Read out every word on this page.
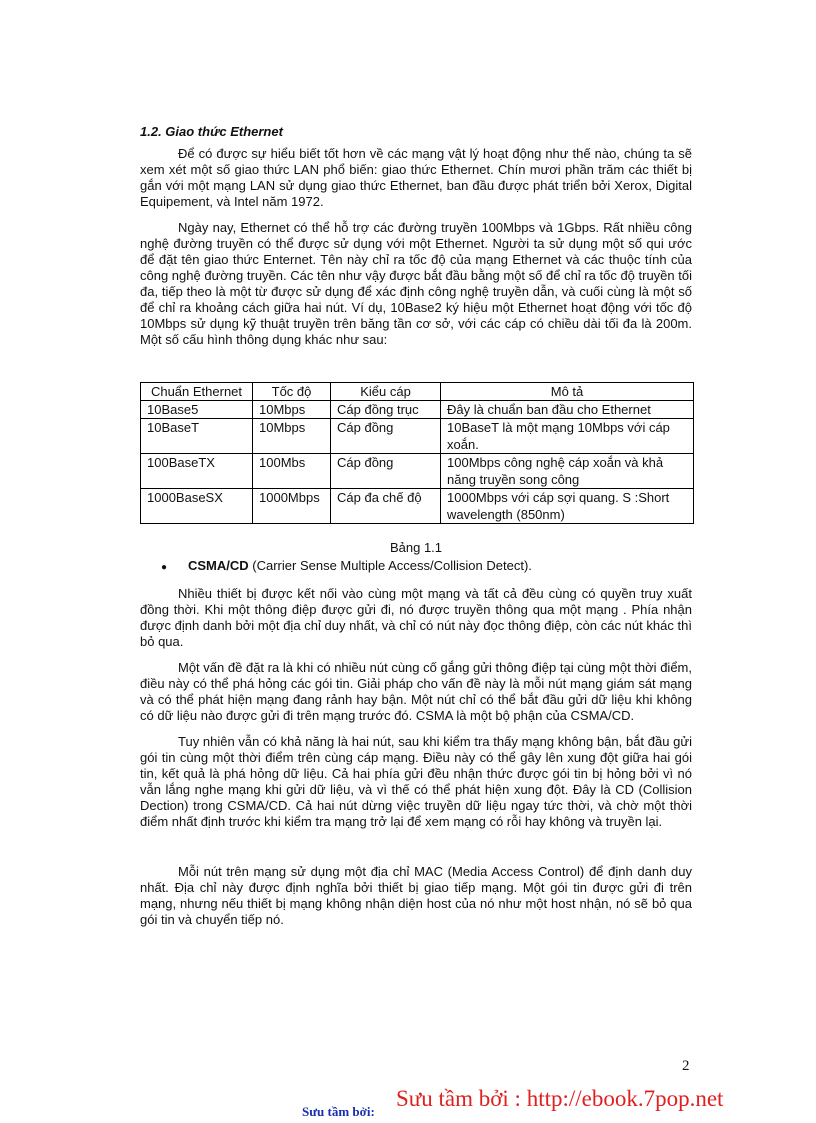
1.2. Giao thức Ethernet

Để có được sự hiểu biết tốt hơn về các mạng vật lý hoạt động như thế nào, chúng ta sẽ xem xét một số giao thức LAN phổ biến: giao thức Ethernet. Chín mươi phần trăm các thiết bị gắn với một mạng LAN sử dụng giao thức Ethernet, ban đầu được phát triển bởi Xerox, Digital Equipement, và Intel năm 1972.

Ngày nay, Ethernet có thể hỗ trợ các đường truyền 100Mbps và 1Gbps. Rất nhiều công nghệ đường truyền có thể được sử dụng với một Ethernet. Người ta sử dụng một số qui ước để đặt tên giao thức Enternet. Tên này chỉ ra tốc độ của mạng Ethernet và các thuộc tính của công nghệ đường truyền. Các tên như vậy được bắt đầu bằng một số để chỉ ra tốc độ truyền tối đa, tiếp theo là một từ được sử dụng để xác định công nghệ truyền dẫn, và cuối cùng là một số để chỉ ra khoảng cách giữa hai nút. Ví dụ, 10Base2 ký hiệu một Ethernet hoạt động với tốc độ 10Mbps sử dụng kỹ thuật truyền trên băng tần cơ sở, với các cáp có chiều dài tối đa là 200m. Một số cấu hình thông dụng khác như sau:

Chuẩn Ethernet	Tốc độ	Kiểu cáp	Mô tả
10Base5	10Mbps	Cáp đồng trục	Đây là chuẩn ban đầu cho Ethernet
10BaseT	10Mbps	Cáp đồng	10BaseT là một mạng 10Mbps với cáp xoắn.
100BaseTX	100Mbs	Cáp đồng	100Mbps công nghệ cáp xoắn và khả năng truyền song công
1000BaseSX	1000Mbps	Cáp đa chế độ	1000Mbps với cáp sợi quang. S :Short wavelength (850nm)
Bảng 1.1
●	CSMA/CD (Carrier Sense Multiple Access/Collision Detect).

Nhiều thiết bị được kết nối vào cùng một mạng và tất cả đều cùng có quyền truy xuất đồng thời. Khi một thông điệp được gửi đi, nó được truyền thông qua một mạng . Phía nhận được định danh bởi một địa chỉ duy nhất, và chỉ có nút này đọc thông điệp, còn các nút khác thì bỏ qua.

Một vấn đề đặt ra là khi có nhiều nút cùng cố gắng gửi thông điệp tại cùng một thời điểm, điều này có thể phá hỏng các gói tin. Giải pháp cho vấn đề này là mỗi nút mạng giám sát mạng và có thể phát hiện mạng đang rảnh hay bận. Một nút chỉ có thể bắt đầu gửi dữ liệu khi không có dữ liệu nào được gửi đi trên mạng trước đó. CSMA là một bộ phận của CSMA/CD.

Tuy nhiên vẫn có khả năng là hai nút, sau khi kiểm tra thấy mạng không bận, bắt đầu gửi gói tin cùng một thời điểm trên cùng cáp mạng. Điều này có thể gây lên xung đột giữa hai gói tin, kết quả là phá hỏng dữ liệu. Cả hai phía gửi đều nhận thức được gói tin bị hỏng bởi vì nó vẫn lắng nghe mạng khi gửi dữ liệu, và vì thế có thể phát hiện xung đột. Đây là CD (Collision Dection) trong CSMA/CD. Cả hai nút dừng việc truyền dữ liệu ngay tức thời, và chờ một thời điểm nhất định trước khi kiểm tra mạng trở lại để xem mạng có rỗi hay không và truyền lại.

Mỗi nút trên mạng sử dụng một địa chỉ MAC (Media Access Control) để định danh duy nhất. Địa chỉ này được định nghĩa bởi thiết bị giao tiếp mạng. Một gói tin được gửi đi trên mạng, nhưng nếu thiết bị mạng không nhận diện host của nó như một host nhận, nó sẽ bỏ qua gói tin và chuyển tiếp nó.

2
Sưu tầm bởi:
Sưu tầm bởi : http://ebook.7pop.net
